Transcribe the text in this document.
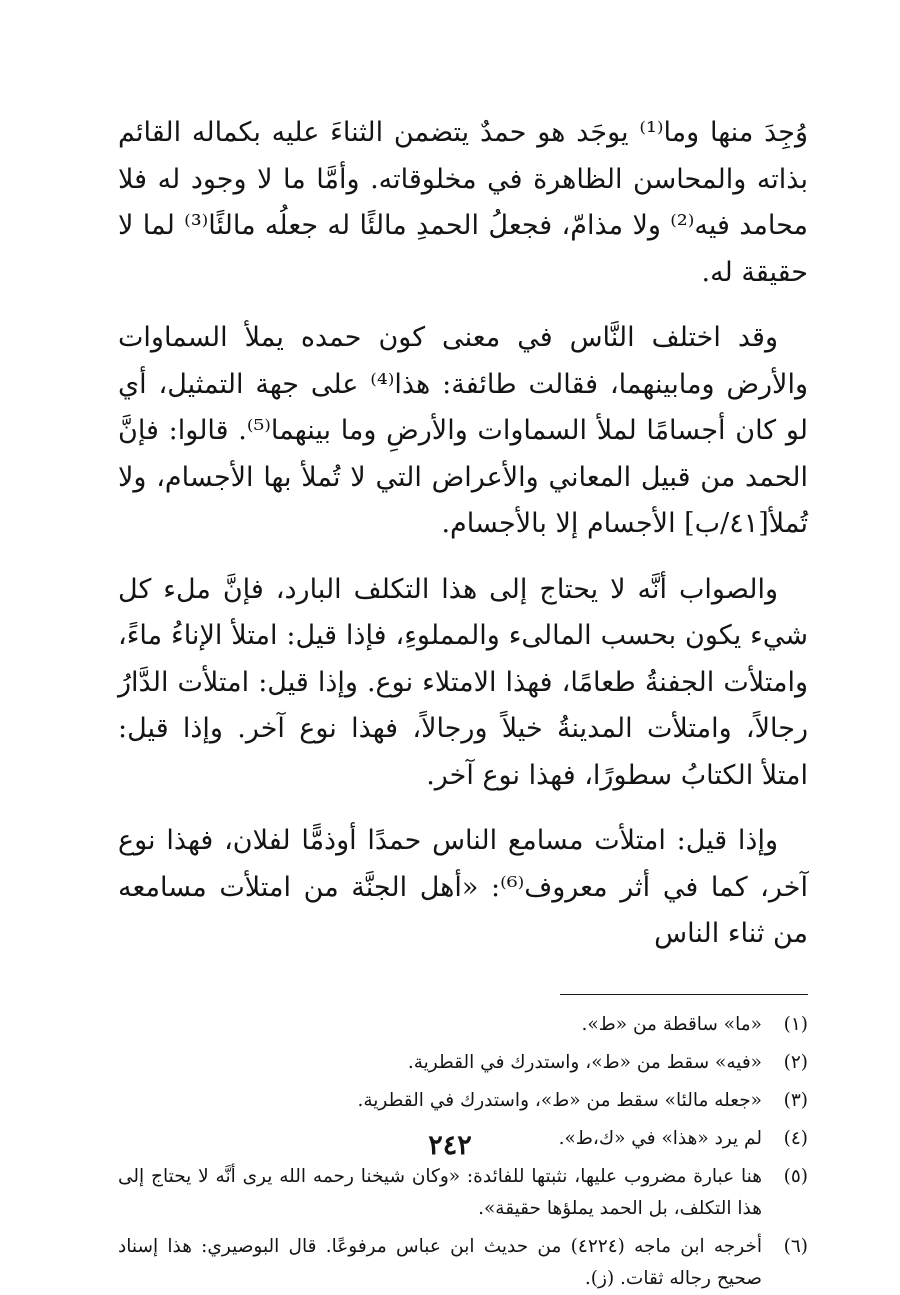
وُجِدَ منها وما⁽¹⁾ يوجَد هو حمدٌ يتضمن الثناءَ عليه بكماله القائم بذاته والمحاسن الظاهرة في مخلوقاته. وأمَّا ما لا وجود له فلا محامد فيه⁽²⁾ ولا مذامّ، فجعلُ الحمدِ مالئًا له جعلُه مالئًا⁽³⁾ لما لا حقيقة له.

وقد اختلف النَّاس في معنى كون حمده يملأ السماوات والأرض ومابينهما، فقالت طائفة: هذا⁽⁴⁾ على جهة التمثيل، أي لو كان أجسامًا لملأ السماوات والأرضِ وما بينهما⁽⁵⁾. قالوا: فإنَّ الحمد من قبيل المعاني والأعراض التي لا تُملأ بها الأجسام، ولا تُملأ[٤١/ب] الأجسام إلا بالأجسام.

والصواب أنَّه لا يحتاج إلى هذا التكلف البارد، فإنَّ ملء كل شيء يكون بحسب المالىء والمملوءِ، فإذا قيل: امتلأ الإناءُ ماءً، وامتلأت الجفنةُ طعامًا، فهذا الامتلاء نوع. وإذا قيل: امتلأت الدَّارُ رجالاً، وامتلأت المدينةُ خيلاً ورجالاً، فهذا نوع آخر. وإذا قيل: امتلأ الكتابُ سطورًا، فهذا نوع آخر.

وإذا قيل: امتلأت مسامع الناس حمدًا أوذمًّا لفلان، فهذا نوع آخر، كما في أثر معروف⁽⁶⁾: «أهل الجنَّة من امتلأت مسامعه من ثناء الناس

(١)
«ما» ساقطة من «ط».
(٢)
«فيه» سقط من «ط»، واستدرك في القطرية.
(٣)
«جعله مالئا» سقط من «ط»، واستدرك في القطرية.
(٤)
لم يرد «هذا» في «ك،ط».
(٥)
هنا عبارة مضروب عليها، نثبتها للفائدة: «وكان شيخنا رحمه الله يرى أنَّه لا يحتاج إلى هذا التكلف، بل الحمد يملؤها حقيقة».
(٦)
أخرجه ابن ماجه (٤٢٢٤) من حديث ابن عباس مرفوعًا. قال البوصيري: هذا إسناد صحيح رجاله ثقات. (ز).
٢٤٢
